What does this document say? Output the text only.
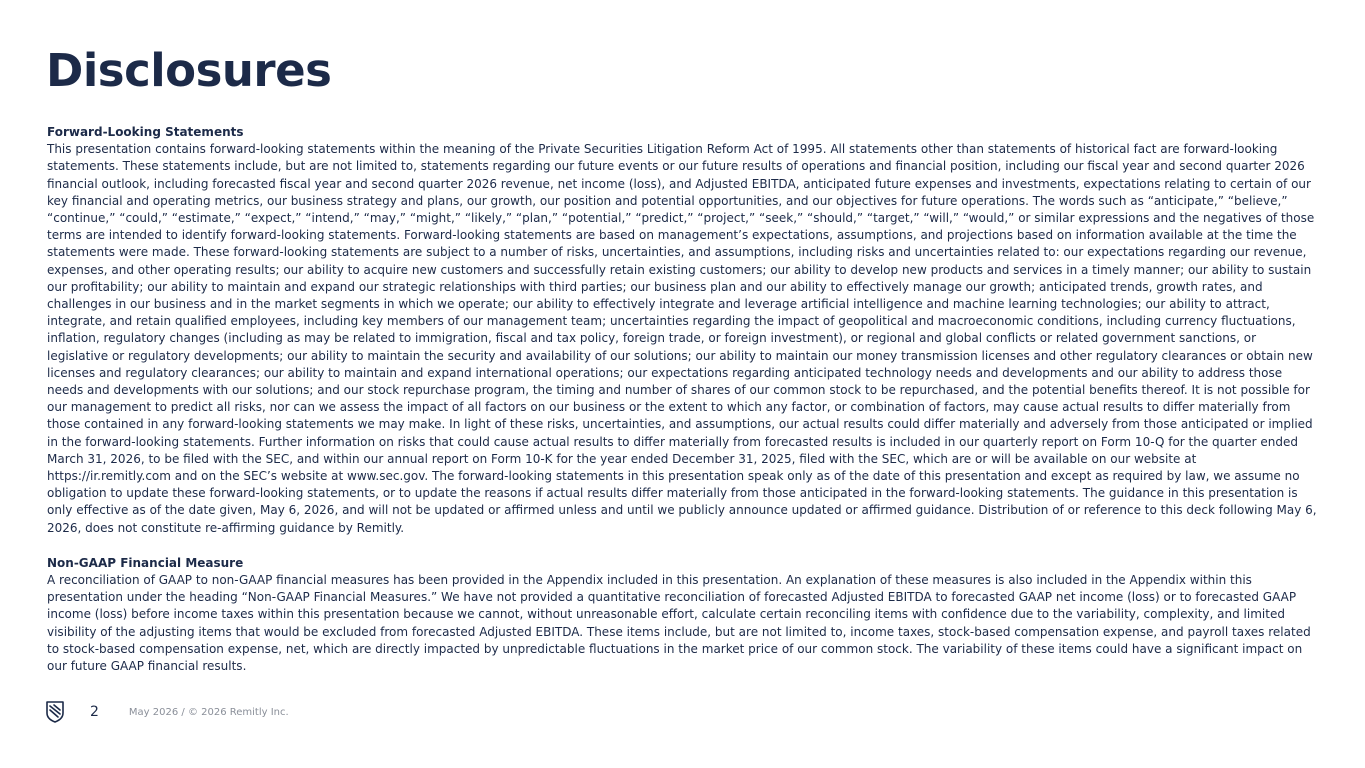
Disclosures

Forward-Looking Statements

This presentation contains forward-looking statements within the meaning of the Private Securities Litigation Reform Act of 1995. All statements other than statements of historical fact are forward-looking statements. These statements include, but are not limited to, statements regarding our future events or our future results of operations and financial position, including our fiscal year and second quarter 2026 financial outlook, including forecasted fiscal year and second quarter 2026 revenue, net income (loss), and Adjusted EBITDA, anticipated future expenses and investments, expectations relating to certain of our key financial and operating metrics, our business strategy and plans, our growth, our position and potential opportunities, and our objectives for future operations. The words such as “anticipate,” “believe,” “continue,” “could,” “estimate,” “expect,” “intend,” “may,” “might,” “likely,” “plan,” “potential,” “predict,” “project,” “seek,” “should,” “target,” “will,” “would,” or similar expressions and the negatives of those terms are intended to identify forward-looking statements. Forward-looking statements are based on management’s expectations, assumptions, and projections based on information available at the time the statements were made. These forward-looking statements are subject to a number of risks, uncertainties, and assumptions, including risks and uncertainties related to: our expectations regarding our revenue, expenses, and other operating results; our ability to acquire new customers and successfully retain existing customers; our ability to develop new products and services in a timely manner; our ability to sustain our profitability; our ability to maintain and expand our strategic relationships with third parties; our business plan and our ability to effectively manage our growth; anticipated trends, growth rates, and challenges in our business and in the market segments in which we operate; our ability to effectively integrate and leverage artificial intelligence and machine learning technologies; our ability to attract, integrate, and retain qualified employees, including key members of our management team; uncertainties regarding the impact of geopolitical and macroeconomic conditions, including currency fluctuations, inflation, regulatory changes (including as may be related to immigration, fiscal and tax policy, foreign trade, or foreign investment), or regional and global conflicts or related government sanctions, or legislative or regulatory developments; our ability to maintain the security and availability of our solutions; our ability to maintain our money transmission licenses and other regulatory clearances or obtain new licenses and regulatory clearances; our ability to maintain and expand international operations; our expectations regarding anticipated technology needs and developments and our ability to address those needs and developments with our solutions; and our stock repurchase program, the timing and number of shares of our common stock to be repurchased, and the potential benefits thereof. It is not possible for our management to predict all risks, nor can we assess the impact of all factors on our business or the extent to which any factor, or combination of factors, may cause actual results to differ materially from those contained in any forward-looking statements we may make. In light of these risks, uncertainties, and assumptions, our actual results could differ materially and adversely from those anticipated or implied in the forward-looking statements. Further information on risks that could cause actual results to differ materially from forecasted results is included in our quarterly report on Form 10-Q for the quarter ended March 31, 2026, to be filed with the SEC, and within our annual report on Form 10-K for the year ended December 31, 2025, filed with the SEC, which are or will be available on our website at https://ir.remitly.com and on the SEC’s website at www.sec.gov. The forward-looking statements in this presentation speak only as of the date of this presentation and except as required by law, we assume no obligation to update these forward-looking statements, or to update the reasons if actual results differ materially from those anticipated in the forward-looking statements. The guidance in this presentation is only effective as of the date given, May 6, 2026, and will not be updated or affirmed unless and until we publicly announce updated or affirmed guidance. Distribution of or reference to this deck following May 6, 2026, does not constitute re-affirming guidance by Remitly.

Non-GAAP Financial Measure

A reconciliation of GAAP to non-GAAP financial measures has been provided in the Appendix included in this presentation. An explanation of these measures is also included in the Appendix within this presentation under the heading “Non-GAAP Financial Measures.” We have not provided a quantitative reconciliation of forecasted Adjusted EBITDA to forecasted GAAP net income (loss) or to forecasted GAAP income (loss) before income taxes within this presentation because we cannot, without unreasonable effort, calculate certain reconciling items with confidence due to the variability, complexity, and limited visibility of the adjusting items that would be excluded from forecasted Adjusted EBITDA. These items include, but are not limited to, income taxes, stock-based compensation expense, and payroll taxes related to stock-based compensation expense, net, which are directly impacted by unpredictable fluctuations in the market price of our common stock. The variability of these items could have a significant impact on our future GAAP financial results.

2	May 2026 / © 2026 Remitly Inc.
